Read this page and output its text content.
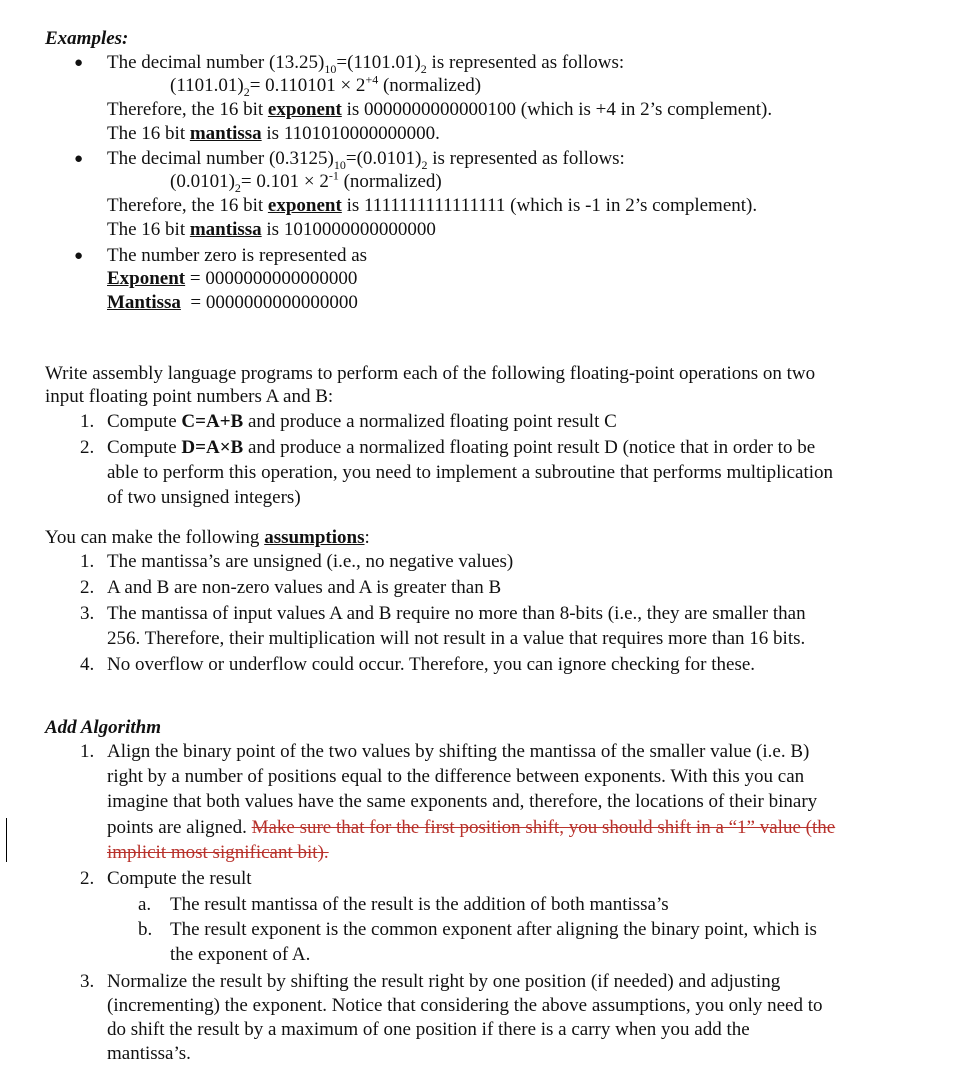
Examples:
● The decimal number $(13.25)_{10}=(1101.01)_2$ is represented as follows:
$(1101.01)_2= 0.110101 \times 2^{+4}$ (normalized)
Therefore, the 16 bit exponent is 0000000000000100 (which is +4 in 2’s complement).
The 16 bit mantissa is 1101010000000000.
● The decimal number $(0.3125)_{10}=(0.0101)_2$ is represented as follows:
$(0.0101)_2= 0.101 \times 2^{-1}$ (normalized)
Therefore, the 16 bit exponent is 1111111111111111 (which is -1 in 2’s complement).
The 16 bit mantissa is 1010000000000000
● The number zero is represented as
Exponent = 0000000000000000
Mantissa  = 0000000000000000
Write assembly language programs to perform each of the following floating-point operations on two
input floating point numbers A and B:
1. Compute C=A+B and produce a normalized floating point result C
2. Compute D=A×B and produce a normalized floating point result D (notice that in order to be
able to perform this operation, you need to implement a subroutine that performs multiplication
of two unsigned integers)
You can make the following assumptions:
1. The mantissa’s are unsigned (i.e., no negative values)
2. A and B are non-zero values and A is greater than B
3. The mantissa of input values A and B require no more than 8-bits (i.e., they are smaller than
256. Therefore, their multiplication will not result in a value that requires more than 16 bits.
4. No overflow or underflow could occur. Therefore, you can ignore checking for these.
Add Algorithm
1. Align the binary point of the two values by shifting the mantissa of the smaller value (i.e. B)
right by a number of positions equal to the difference between exponents. With this you can
imagine that both values have the same exponents and, therefore, the locations of their binary
points are aligned. Make sure that for the first position shift, you should shift in a “1” value (the
implicit most significant bit).
2. Compute the result
a. The result mantissa of the result is the addition of both mantissa’s
b. The result exponent is the common exponent after aligning the binary point, which is
the exponent of A.
3. Normalize the result by shifting the result right by one position (if needed) and adjusting
(incrementing) the exponent. Notice that considering the above assumptions, you only need to
do shift the result by a maximum of one position if there is a carry when you add the
mantissa’s.
